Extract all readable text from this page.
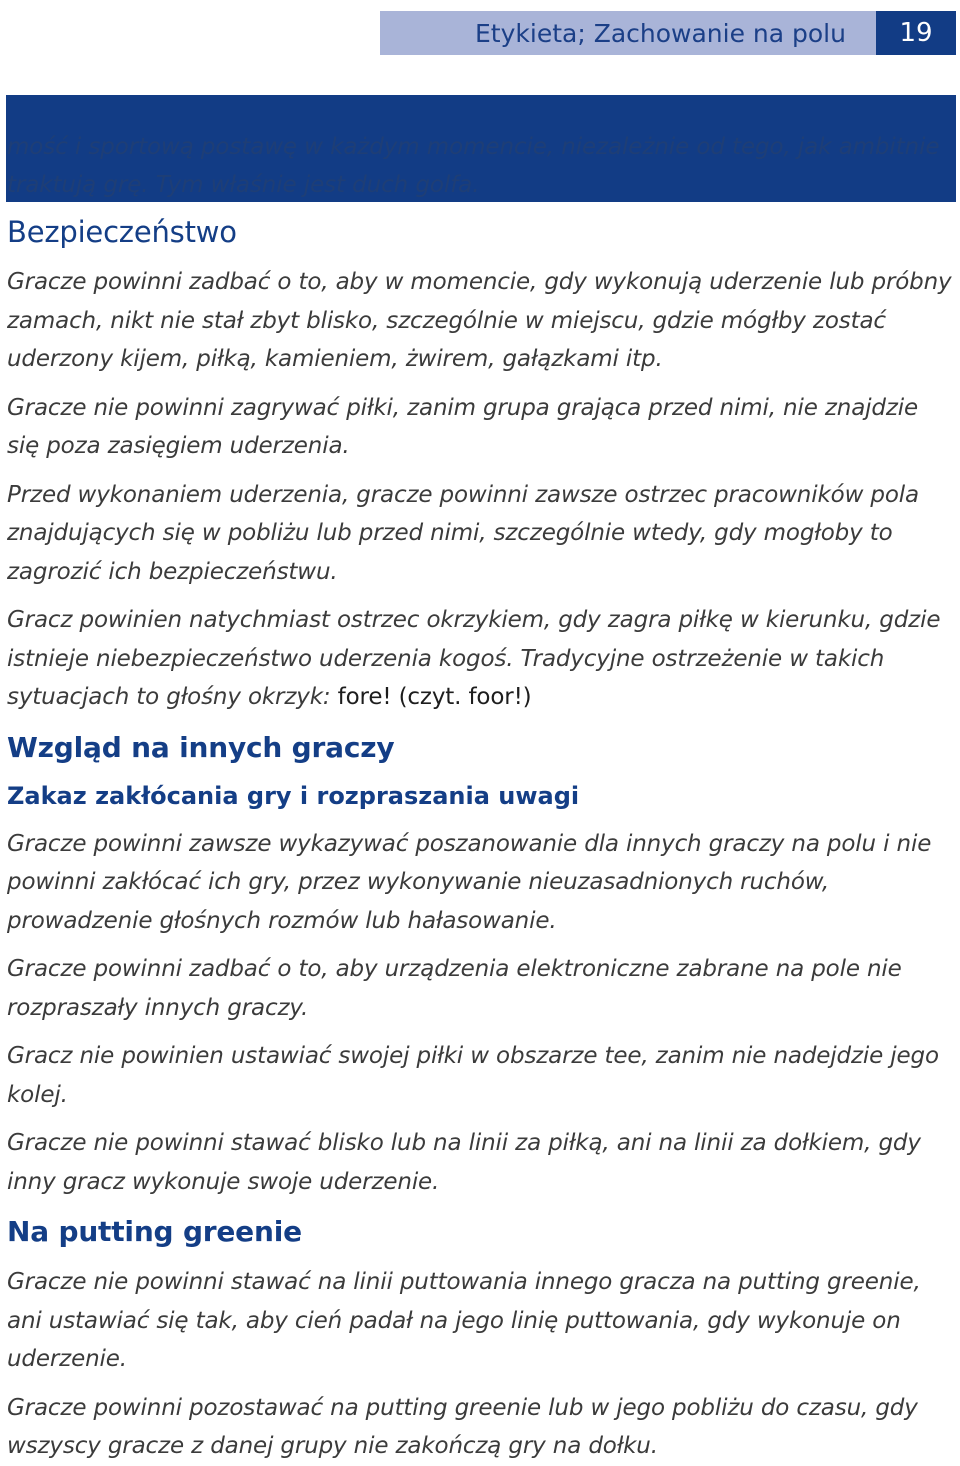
Etykieta; Zachowanie na polu	19

mość i sportową postawę w każdym momencie, niezależnie od tego, jak ambitnie
traktują grę. Tym właśnie jest duch golfa.

Bezpieczeństwo

Gracze powinni zadbać o to, aby w momencie, gdy wykonują uderzenie lub próbny zamach, nikt nie stał zbyt blisko, szczególnie w miejscu, gdzie mógłby zostać uderzony kijem, piłką, kamieniem, żwirem, gałązkami itp.

Gracze nie powinni zagrywać piłki, zanim grupa grająca przed nimi, nie znajdzie się poza zasięgiem uderzenia.

Przed wykonaniem uderzenia, gracze powinni zawsze ostrzec pracowników pola znajdujących się w pobliżu lub przed nimi, szczególnie wtedy, gdy mogłoby to zagrozić ich bezpieczeństwu.

Gracz powinien natychmiast ostrzec okrzykiem, gdy zagra piłkę w kierunku, gdzie istnieje niebezpieczeństwo uderzenia kogoś. Tradycyjne ostrzeżenie w takich sytuacjach to głośny okrzyk: fore! (czyt. foor!)

Wzgląd na innych graczy
Zakaz zakłócania gry i rozpraszania uwagi

Gracze powinni zawsze wykazywać poszanowanie dla innych graczy na polu i nie powinni zakłócać ich gry, przez wykonywanie nieuzasadnionych ruchów, prowadzenie głośnych rozmów lub hałasowanie.

Gracze powinni zadbać o to, aby urządzenia elektroniczne zabrane na pole nie rozpraszały innych graczy.

Gracz nie powinien ustawiać swojej piłki w obszarze tee, zanim nie nadejdzie jego kolej.

Gracze nie powinni stawać blisko lub na linii za piłką, ani na linii za dołkiem, gdy inny gracz wykonuje swoje uderzenie.

Na putting greenie

Gracze nie powinni stawać na linii puttowania innego gracza na putting greenie, ani ustawiać się tak, aby cień padał na jego linię puttowania, gdy wykonuje on uderzenie.

Gracze powinni pozostawać na putting greenie lub w jego pobliżu do czasu, gdy wszyscy gracze z danej grupy nie zakończą gry na dołku.
